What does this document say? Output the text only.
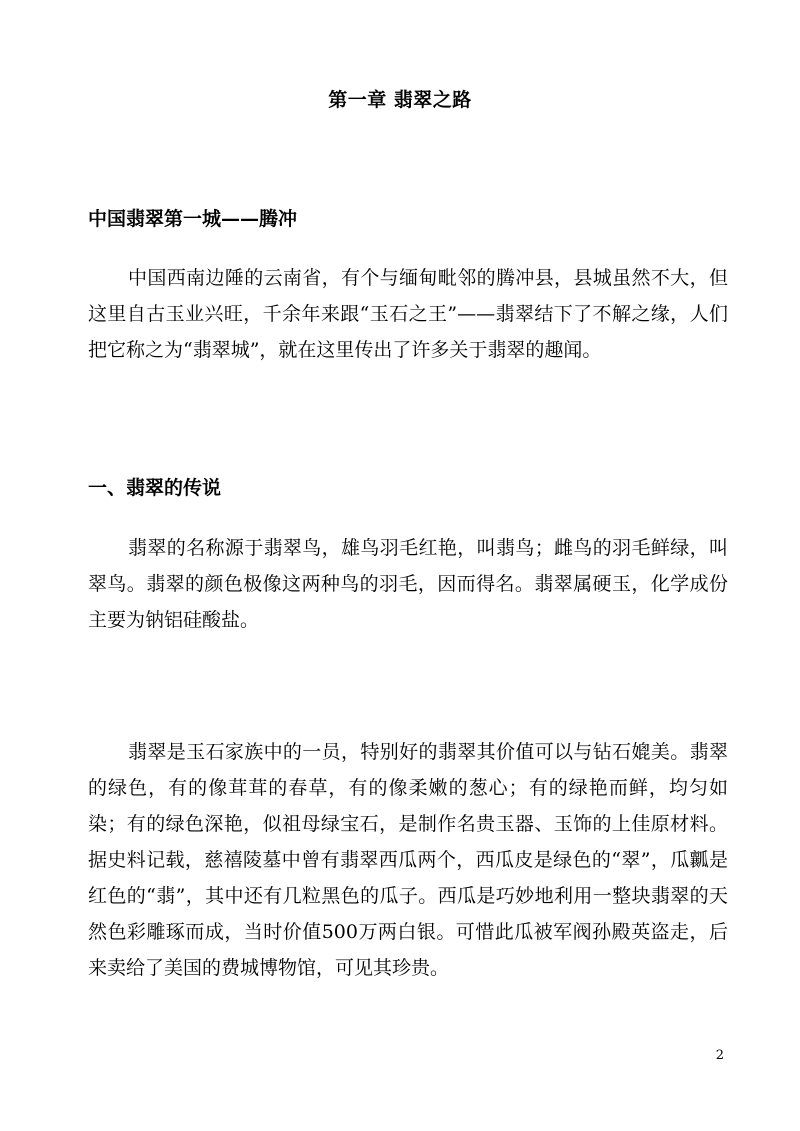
第一章 翡翠之路
中国翡翠第一城——腾冲

中国西南边陲的云南省，有个与缅甸毗邻的腾冲县，县城虽然不大，但这里自古玉业兴旺，千余年来跟“玉石之王”——翡翠结下了不解之缘，人们把它称之为“翡翠城”，就在这里传出了许多关于翡翠的趣闻。

一、翡翠的传说

翡翠的名称源于翡翠鸟，雄鸟羽毛红艳，叫翡鸟；雌鸟的羽毛鲜绿，叫翠鸟。翡翠的颜色极像这两种鸟的羽毛，因而得名。翡翠属硬玉，化学成份主要为钠铝硅酸盐。

翡翠是玉石家族中的一员，特别好的翡翠其价值可以与钻石媲美。翡翠的绿色，有的像茸茸的春草，有的像柔嫩的葱心；有的绿艳而鲜，均匀如染；有的绿色深艳，似祖母绿宝石，是制作名贵玉器、玉饰的上佳原材料。据史料记载，慈禧陵墓中曾有翡翠西瓜两个，西瓜皮是绿色的“翠”，瓜瓤是红色的“翡”，其中还有几粒黑色的瓜子。西瓜是巧妙地利用一整块翡翠的天然色彩雕琢而成，当时价值500万两白银。可惜此瓜被军阀孙殿英盗走，后来卖给了美国的费城博物馆，可见其珍贵。

2
